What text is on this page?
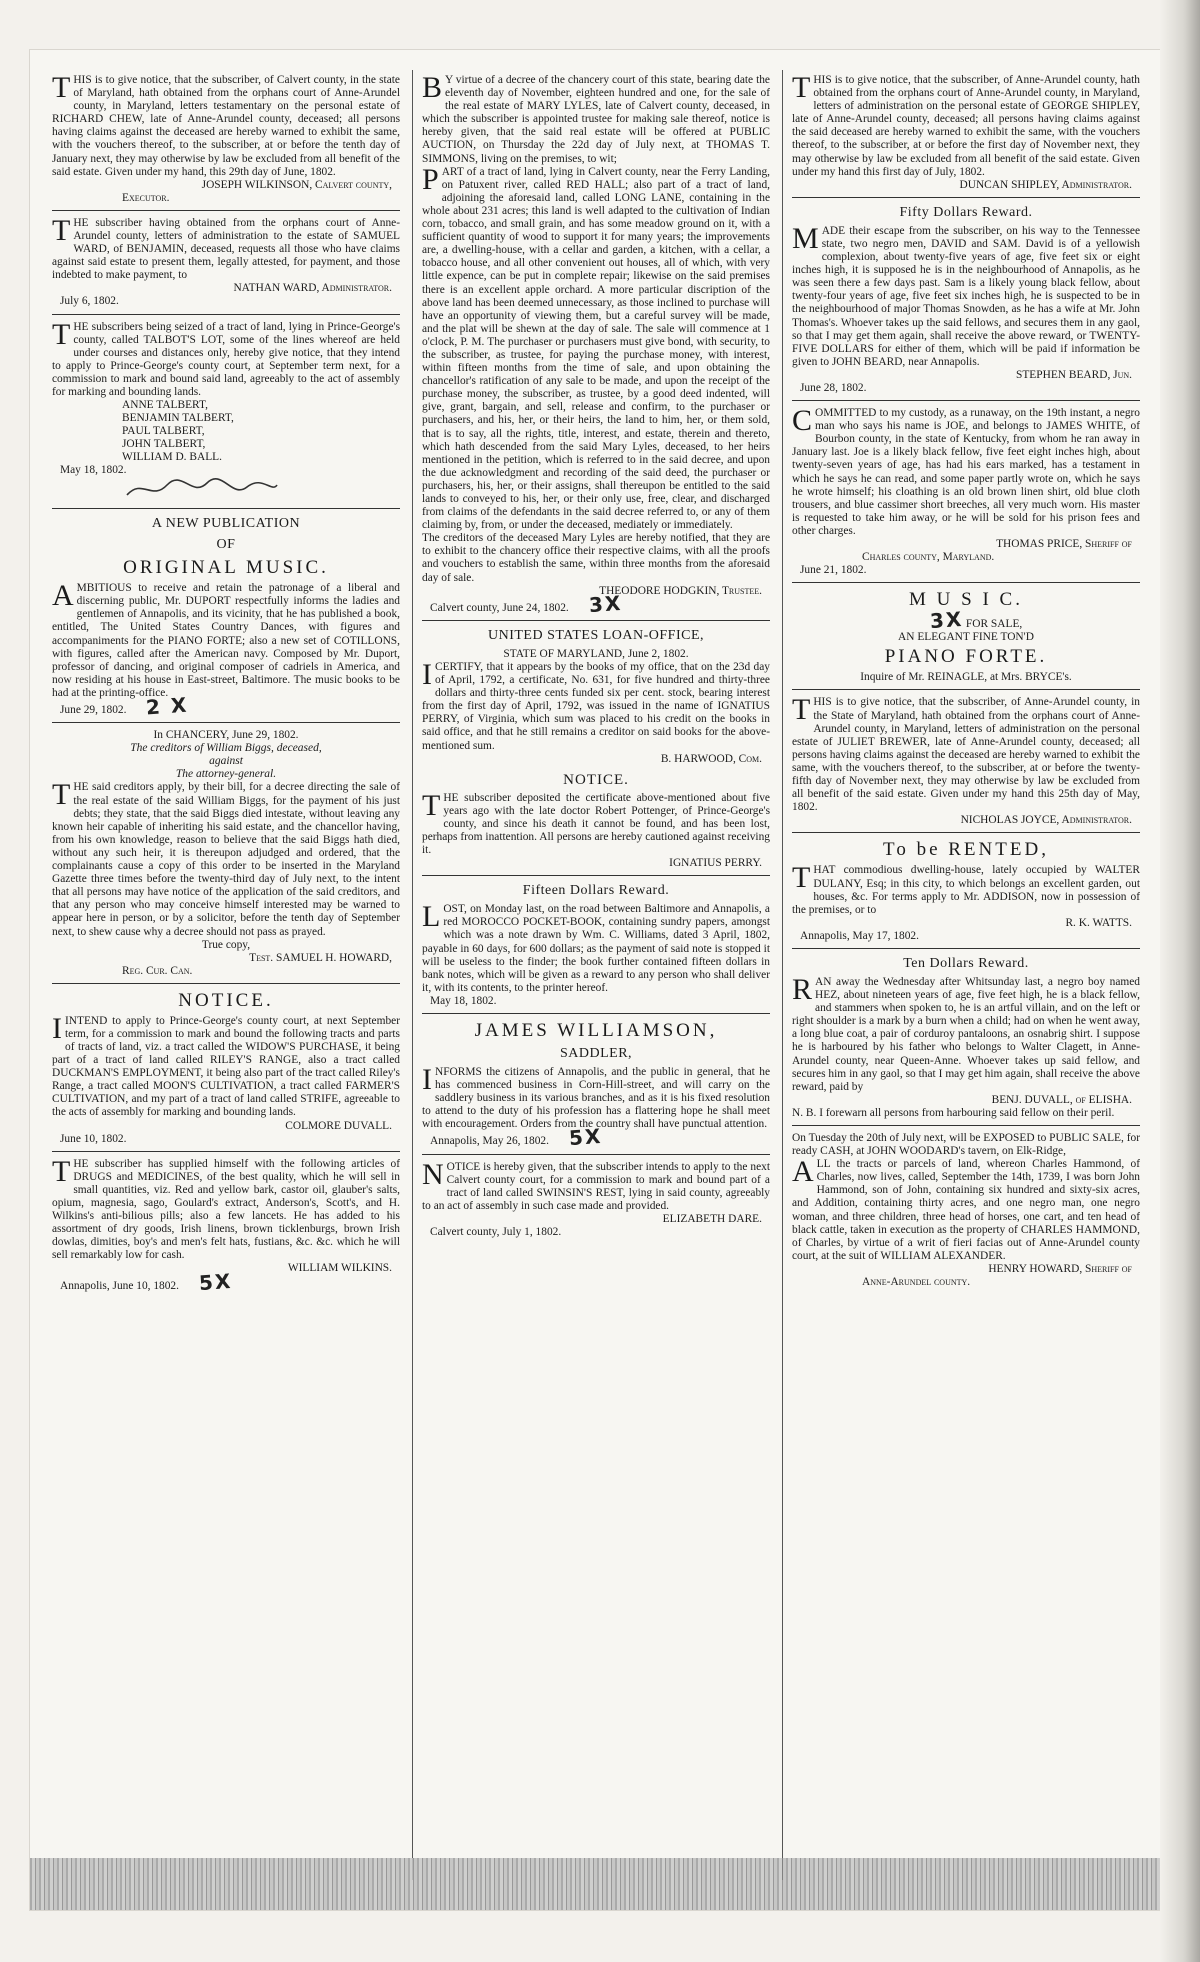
THIS is to give notice, that the subscriber, of Calvert county, in the state of Maryland, hath obtained from the orphans court of Anne-Arundel county, in Maryland, letters testamentary on the personal estate of RICHARD CHEW, late of Anne-Arundel county, deceased; all persons having claims against the deceased are hereby warned to exhibit the same, with the vouchers thereof, to the subscriber, at or before the tenth day of January next, they may otherwise by law be excluded from all benefit of the said estate. Given under my hand, this 29th day of June, 1802.

JOSEPH WILKINSON, Calvert county,

Executor.

THE subscriber having obtained from the orphans court of Anne-Arundel county, letters of administration to the estate of SAMUEL WARD, of BENJAMIN, deceased, requests all those who have claims against said estate to present them, legally attested, for payment, and those indebted to make payment, to

NATHAN WARD, Administrator.

July 6, 1802.

THE subscribers being seized of a tract of land, lying in Prince-George's county, called TALBOT'S LOT, some of the lines whereof are held under courses and distances only, hereby give notice, that they intend to apply to Prince-George's county court, at September term next, for a commission to mark and bound said land, agreeably to the act of assembly for marking and bounding lands.

ANNE TALBERT,

BENJAMIN TALBERT,

PAUL TALBERT,

JOHN TALBERT,

WILLIAM D. BALL.

May 18, 1802.

A NEW PUBLICATION
OF
ORIGINAL MUSIC.

AMBITIOUS to receive and retain the patronage of a liberal and discerning public, Mr. DUPORT respectfully informs the ladies and gentlemen of Annapolis, and its vicinity, that he has published a book, entitled, The United States Country Dances, with figures and accompaniments for the PIANO FORTE; also a new set of COTILLONS, with figures, called after the American navy. Composed by Mr. Duport, professor of dancing, and original composer of cadriels in America, and now residing at his house in East-street, Baltimore. The music books to be had at the printing-office.

June 29, 1802. 2 X

In CHANCERY, June 29, 1802.
The creditors of William Biggs, deceased,
against
The attorney-general.

THE said creditors apply, by their bill, for a decree directing the sale of the real estate of the said William Biggs, for the payment of his just debts; they state, that the said Biggs died intestate, without leaving any known heir capable of inheriting his said estate, and the chancellor having, from his own knowledge, reason to believe that the said Biggs hath died, without any such heir, it is thereupon adjudged and ordered, that the complainants cause a copy of this order to be inserted in the Maryland Gazette three times before the twenty-third day of July next, to the intent that all persons may have notice of the application of the said creditors, and that any person who may conceive himself interested may be warned to appear here in person, or by a solicitor, before the tenth day of September next, to shew cause why a decree should not pass as prayed.

True copy,

Test. SAMUEL H. HOWARD,

Reg. Cur. Can.

NOTICE.

IINTEND to apply to Prince-George's county court, at next September term, for a commission to mark and bound the following tracts and parts of tracts of land, viz. a tract called the WIDOW'S PURCHASE, it being part of a tract of land called RILEY'S RANGE, also a tract called DUCKMAN'S EMPLOYMENT, it being also part of the tract called Riley's Range, a tract called MOON'S CULTIVATION, a tract called FARMER'S CULTIVATION, and my part of a tract of land called STRIFE, agreeable to the acts of assembly for marking and bounding lands.

COLMORE DUVALL.

June 10, 1802.

THE subscriber has supplied himself with the following articles of DRUGS and MEDICINES, of the best quality, which he will sell in small quantities, viz. Red and yellow bark, castor oil, glauber's salts, opium, magnesia, sago, Goulard's extract, Anderson's, Scott's, and H. Wilkins's anti-bilious pills; also a few lancets. He has added to his assortment of dry goods, Irish linens, brown ticklenburgs, brown Irish dowlas, dimities, boy's and men's felt hats, fustians, &c. &c. which he will sell remarkably low for cash.

WILLIAM WILKINS.

Annapolis, June 10, 1802. 5X

BY virtue of a decree of the chancery court of this state, bearing date the eleventh day of November, eighteen hundred and one, for the sale of the real estate of MARY LYLES, late of Calvert county, deceased, in which the subscriber is appointed trustee for making sale thereof, notice is hereby given, that the said real estate will be offered at PUBLIC AUCTION, on Thursday the 22d day of July next, at THOMAS T. SIMMONS, living on the premises, to wit;

PART of a tract of land, lying in Calvert county, near the Ferry Landing, on Patuxent river, called RED HALL; also part of a tract of land, adjoining the aforesaid land, called LONG LANE, containing in the whole about 231 acres; this land is well adapted to the cultivation of Indian corn, tobacco, and small grain, and has some meadow ground on it, with a sufficient quantity of wood to support it for many years; the improvements are, a dwelling-house, with a cellar and garden, a kitchen, with a cellar, a tobacco house, and all other convenient out houses, all of which, with very little expence, can be put in complete repair; likewise on the said premises there is an excellent apple orchard. A more particular discription of the above land has been deemed unnecessary, as those inclined to purchase will have an opportunity of viewing them, but a careful survey will be made, and the plat will be shewn at the day of sale. The sale will commence at 1 o'clock, P. M. The purchaser or purchasers must give bond, with security, to the subscriber, as trustee, for paying the purchase money, with interest, within fifteen months from the time of sale, and upon obtaining the chancellor's ratification of any sale to be made, and upon the receipt of the purchase money, the subscriber, as trustee, by a good deed indented, will give, grant, bargain, and sell, release and confirm, to the purchaser or purchasers, and his, her, or their heirs, the land to him, her, or them sold, that is to say, all the rights, title, interest, and estate, therein and thereto, which hath descended from the said Mary Lyles, deceased, to her heirs mentioned in the petition, which is referred to in the said decree, and upon the due acknowledgment and recording of the said deed, the purchaser or purchasers, his, her, or their assigns, shall thereupon be entitled to the said lands to conveyed to his, her, or their only use, free, clear, and discharged from claims of the defendants in the said decree referred to, or any of them claiming by, from, or under the deceased, mediately or immediately.

The creditors of the deceased Mary Lyles are hereby notified, that they are to exhibit to the chancery office their respective claims, with all the proofs and vouchers to establish the same, within three months from the aforesaid day of sale.

THEODORE HODGKIN, Trustee.

Calvert county, June 24, 1802. 3X

UNITED STATES LOAN-OFFICE,
STATE OF MARYLAND, June 2, 1802.

ICERTIFY, that it appears by the books of my office, that on the 23d day of April, 1792, a certificate, No. 631, for five hundred and thirty-three dollars and thirty-three cents funded six per cent. stock, bearing interest from the first day of April, 1792, was issued in the name of IGNATIUS PERRY, of Virginia, which sum was placed to his credit on the books in said office, and that he still remains a creditor on said books for the above-mentioned sum.

B. HARWOOD, Com.

NOTICE.

THE subscriber deposited the certificate above-mentioned about five years ago with the late doctor Robert Pottenger, of Prince-George's county, and since his death it cannot be found, and has been lost, perhaps from inattention. All persons are hereby cautioned against receiving it.

IGNATIUS PERRY.

Fifteen Dollars Reward.

LOST, on Monday last, on the road between Baltimore and Annapolis, a red MOROCCO POCKET-BOOK, containing sundry papers, amongst which was a note drawn by Wm. C. Williams, dated 3 April, 1802, payable in 60 days, for 600 dollars; as the payment of said note is stopped it will be useless to the finder; the book further contained fifteen dollars in bank notes, which will be given as a reward to any person who shall deliver it, with its contents, to the printer hereof.

May 18, 1802.

JAMES WILLIAMSON,
SADDLER,

INFORMS the citizens of Annapolis, and the public in general, that he has commenced business in Corn-Hill-street, and will carry on the saddlery business in its various branches, and as it is his fixed resolution to attend to the duty of his profession has a flattering hope he shall meet with encouragement. Orders from the country shall have punctual attention.

Annapolis, May 26, 1802. 5X

NOTICE is hereby given, that the subscriber intends to apply to the next Calvert county court, for a commission to mark and bound part of a tract of land called SWINSIN'S REST, lying in said county, agreeably to an act of assembly in such case made and provided.

ELIZABETH DARE.

Calvert county, July 1, 1802.

THIS is to give notice, that the subscriber, of Anne-Arundel county, hath obtained from the orphans court of Anne-Arundel county, in Maryland, letters of administration on the personal estate of GEORGE SHIPLEY, late of Anne-Arundel county, deceased; all persons having claims against the said deceased are hereby warned to exhibit the same, with the vouchers thereof, to the subscriber, at or before the first day of November next, they may otherwise by law be excluded from all benefit of the said estate. Given under my hand this first day of July, 1802.

DUNCAN SHIPLEY, Administrator.

Fifty Dollars Reward.

MADE their escape from the subscriber, on his way to the Tennessee state, two negro men, DAVID and SAM. David is of a yellowish complexion, about twenty-five years of age, five feet six or eight inches high, it is supposed he is in the neighbourhood of Annapolis, as he was seen there a few days past. Sam is a likely young black fellow, about twenty-four years of age, five feet six inches high, he is suspected to be in the neighbourhood of major Thomas Snowden, as he has a wife at Mr. John Thomas's. Whoever takes up the said fellows, and secures them in any gaol, so that I may get them again, shall receive the above reward, or TWENTY-FIVE DOLLARS for either of them, which will be paid if information be given to JOHN BEARD, near Annapolis.

STEPHEN BEARD, Jun.

June 28, 1802.

COMMITTED to my custody, as a runaway, on the 19th instant, a negro man who says his name is JOE, and belongs to JAMES WHITE, of Bourbon county, in the state of Kentucky, from whom he ran away in January last. Joe is a likely black fellow, five feet eight inches high, about twenty-seven years of age, has had his ears marked, has a testament in which he says he can read, and some paper partly wrote on, which he says he wrote himself; his cloathing is an old brown linen shirt, old blue cloth trousers, and blue cassimer short breeches, all very much worn. His master is requested to take him away, or he will be sold for his prison fees and other charges.

THOMAS PRICE, Sheriff of

Charles county, Maryland.

June 21, 1802.

M U S I C.
3X FOR SALE,
AN ELEGANT FINE TON'D
PIANO FORTE.
Inquire of Mr. REINAGLE, at Mrs. BRYCE's.

THIS is to give notice, that the subscriber, of Anne-Arundel county, in the State of Maryland, hath obtained from the orphans court of Anne-Arundel county, in Maryland, letters of administration on the personal estate of JULIET BREWER, late of Anne-Arundel county, deceased; all persons having claims against the deceased are hereby warned to exhibit the same, with the vouchers thereof, to the subscriber, at or before the twenty-fifth day of November next, they may otherwise by law be excluded from all benefit of the said estate. Given under my hand this 25th day of May, 1802.

NICHOLAS JOYCE, Administrator.

To be RENTED,

THAT commodious dwelling-house, lately occupied by WALTER DULANY, Esq; in this city, to which belongs an excellent garden, out houses, &c. For terms apply to Mr. ADDISON, now in possession of the premises, or to

R. K. WATTS.

Annapolis, May 17, 1802.

Ten Dollars Reward.

RAN away the Wednesday after Whitsunday last, a negro boy named HEZ, about nineteen years of age, five feet high, he is a black fellow, and stammers when spoken to, he is an artful villain, and on the left or right shoulder is a mark by a burn when a child; had on when he went away, a long blue coat, a pair of corduroy pantaloons, an osnabrig shirt. I suppose he is harboured by his father who belongs to Walter Clagett, in Anne-Arundel county, near Queen-Anne. Whoever takes up said fellow, and secures him in any gaol, so that I may get him again, shall receive the above reward, paid by

BENJ. DUVALL, of ELISHA.

N. B. I forewarn all persons from harbouring said fellow on their peril.

On Tuesday the 20th of July next, will be EXPOSED to PUBLIC SALE, for ready CASH, at JOHN WOODARD's tavern, on Elk-Ridge,

ALL the tracts or parcels of land, whereon Charles Hammond, of Charles, now lives, called, September the 14th, 1739, I was born John Hammond, son of John, containing six hundred and sixty-six acres, and Addition, containing thirty acres, and one negro man, one negro woman, and three children, three head of horses, one cart, and ten head of black cattle, taken in execution as the property of CHARLES HAMMOND, of Charles, by virtue of a writ of fieri facias out of Anne-Arundel county court, at the suit of WILLIAM ALEXANDER.

HENRY HOWARD, Sheriff of

Anne-Arundel county.
